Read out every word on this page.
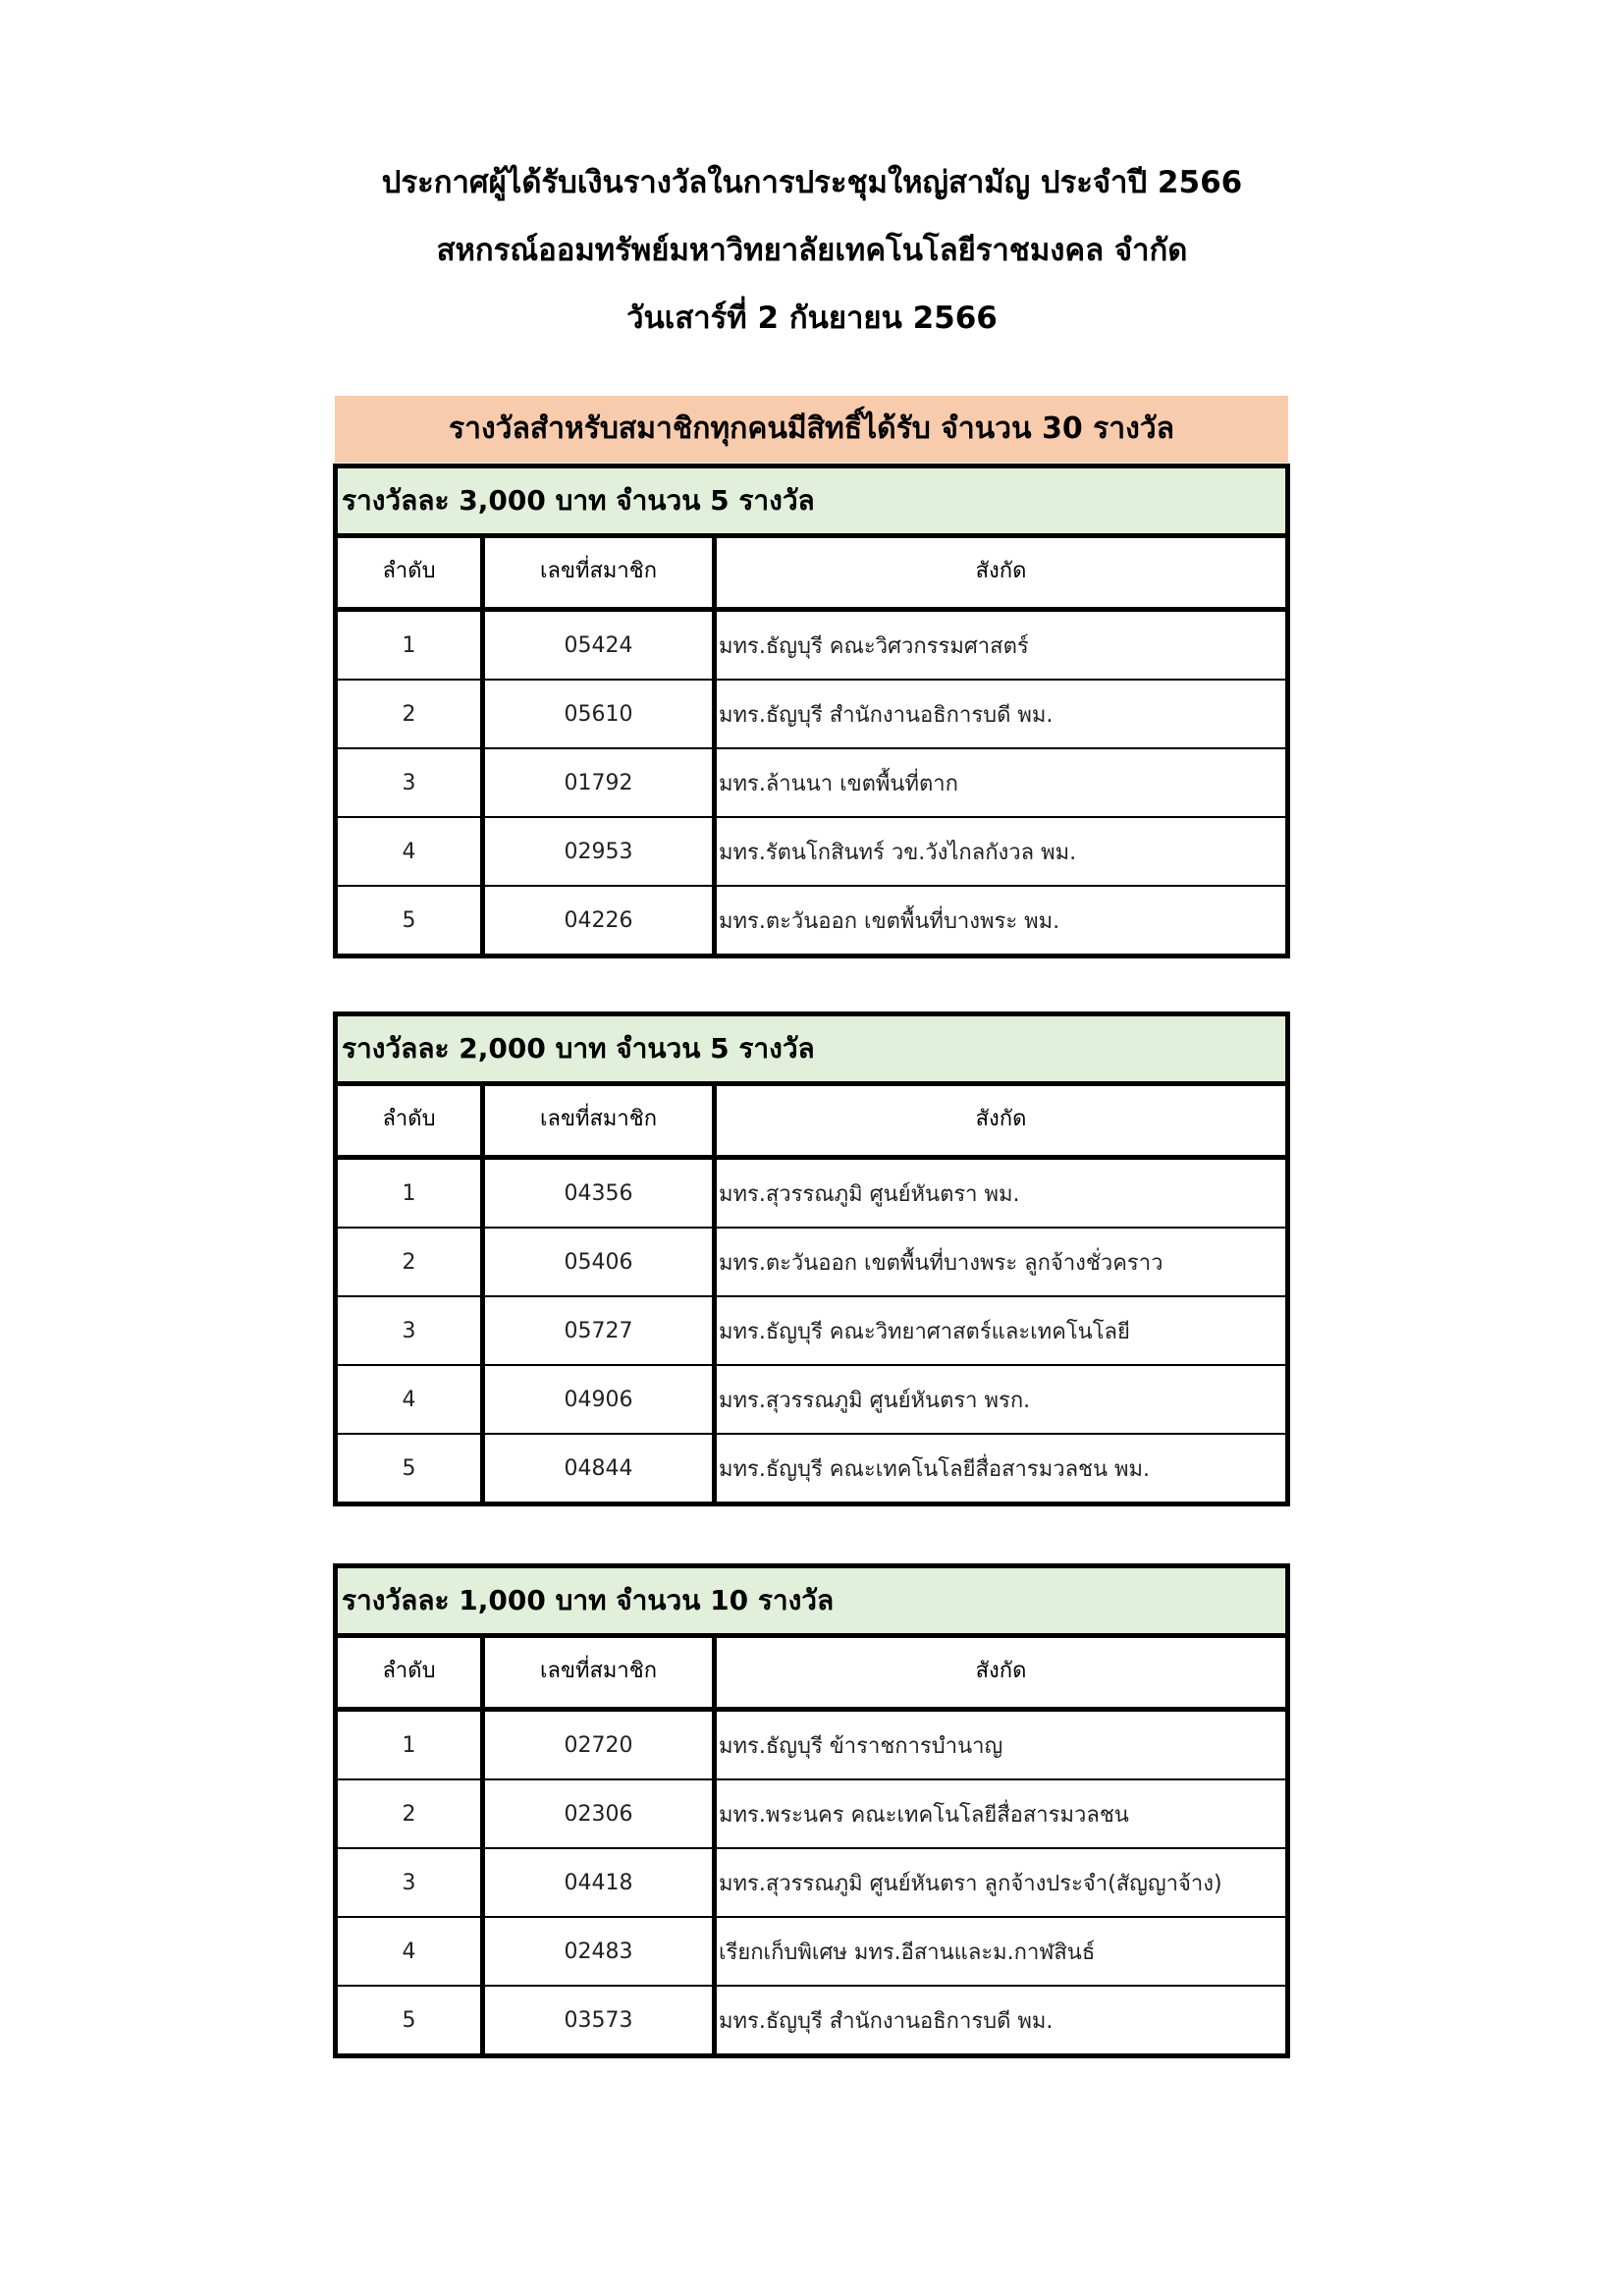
ประกาศผู้ได้รับเงินรางวัลในการประชุมใหญ่สามัญ ประจำปี 2566
สหกรณ์ออมทรัพย์มหาวิทยาลัยเทคโนโลยีราชมงคล จำกัด
วันเสาร์ที่ 2 กันยายน 2566
รางวัลสำหรับสมาชิกทุกคนมีสิทธิ์ได้รับ จำนวน 30 รางวัล
รางวัลละ 3,000 บาท จำนวน 5 รางวัล		
ลำดับ	เลขที่สมาชิก	สังกัด
1	05424	มทร.ธัญบุรี คณะวิศวกรรมศาสตร์
2	05610	มทร.ธัญบุรี สำนักงานอธิการบดี พม.
3	01792	มทร.ล้านนา เขตพื้นที่ตาก
4	02953	มทร.รัตนโกสินทร์ วข.วังไกลกังวล พม.
5	04226	มทร.ตะวันออก เขตพื้นที่บางพระ พม.
รางวัลละ 2,000 บาท จำนวน 5 รางวัล		
ลำดับ	เลขที่สมาชิก	สังกัด
1	04356	มทร.สุวรรณภูมิ ศูนย์หันตรา พม.
2	05406	มทร.ตะวันออก เขตพื้นที่บางพระ ลูกจ้างชั่วคราว
3	05727	มทร.ธัญบุรี คณะวิทยาศาสตร์และเทคโนโลยี
4	04906	มทร.สุวรรณภูมิ ศูนย์หันตรา พรก.
5	04844	มทร.ธัญบุรี คณะเทคโนโลยีสื่อสารมวลชน พม.
รางวัลละ 1,000 บาท จำนวน 10 รางวัล		
ลำดับ	เลขที่สมาชิก	สังกัด
1	02720	มทร.ธัญบุรี ข้าราชการบำนาญ
2	02306	มทร.พระนคร คณะเทคโนโลยีสื่อสารมวลชน
3	04418	มทร.สุวรรณภูมิ ศูนย์หันตรา ลูกจ้างประจำ(สัญญาจ้าง)
4	02483	เรียกเก็บพิเศษ มทร.อีสานและม.กาฬสินธ์
5	03573	มทร.ธัญบุรี สำนักงานอธิการบดี พม.
